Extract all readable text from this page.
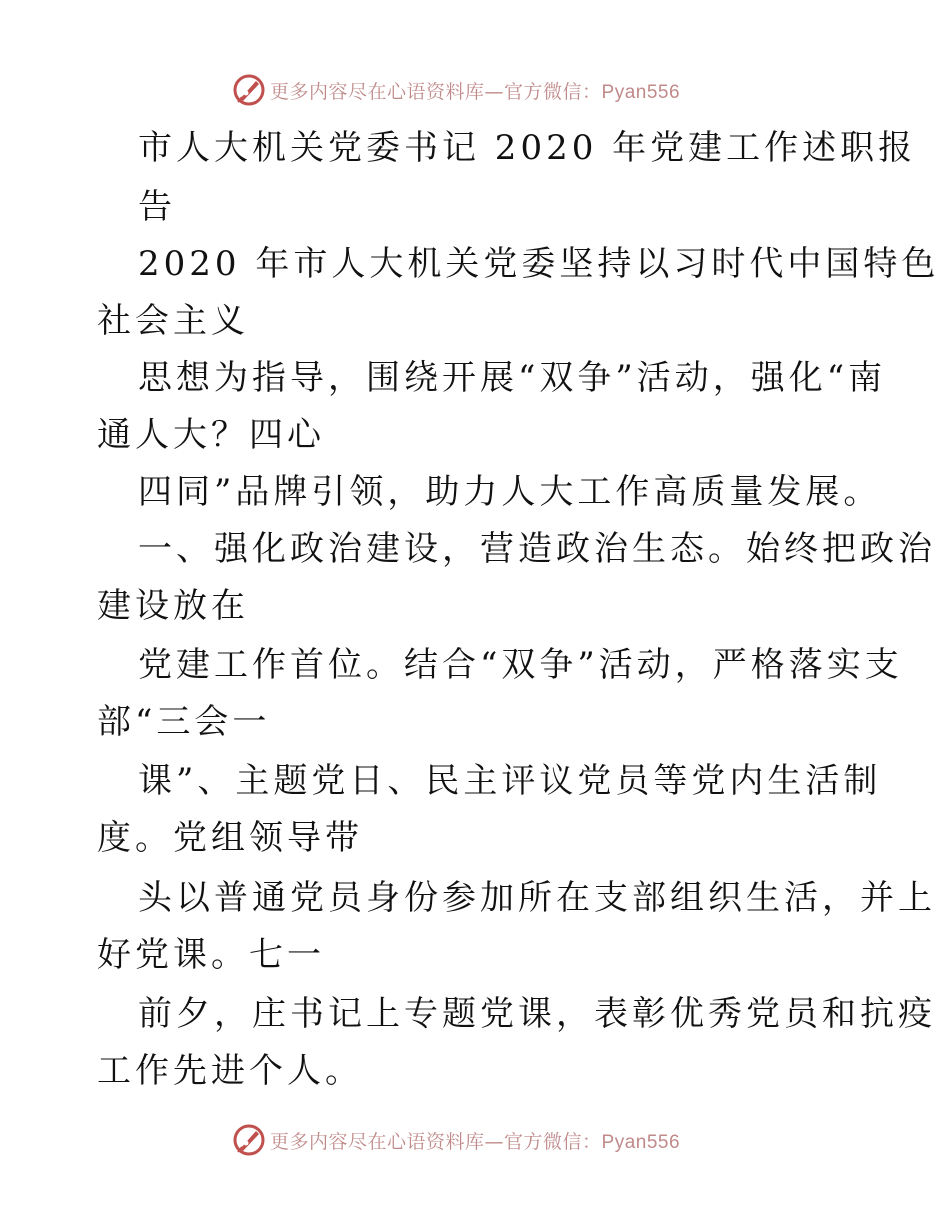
更多内容尽在心语资料库—官方微信：Pyan556
市人大机关党委书记 2020 年党建工作述职报
告
2020 年市人大机关党委坚持以习时代中国特色
社会主义
思想为指导，围绕开展“双争”活动，强化“南
通人大？四心
四同”品牌引领，助力人大工作高质量发展。
一、强化政治建设，营造政治生态。始终把政治
建设放在
党建工作首位。结合“双争”活动，严格落实支
部“三会一
课”、主题党日、民主评议党员等党内生活制
度。党组领导带
头以普通党员身份参加所在支部组织生活，并上
好党课。七一
前夕，庄书记上专题党课，表彰优秀党员和抗疫
工作先进个人。
更多内容尽在心语资料库—官方微信：Pyan556
